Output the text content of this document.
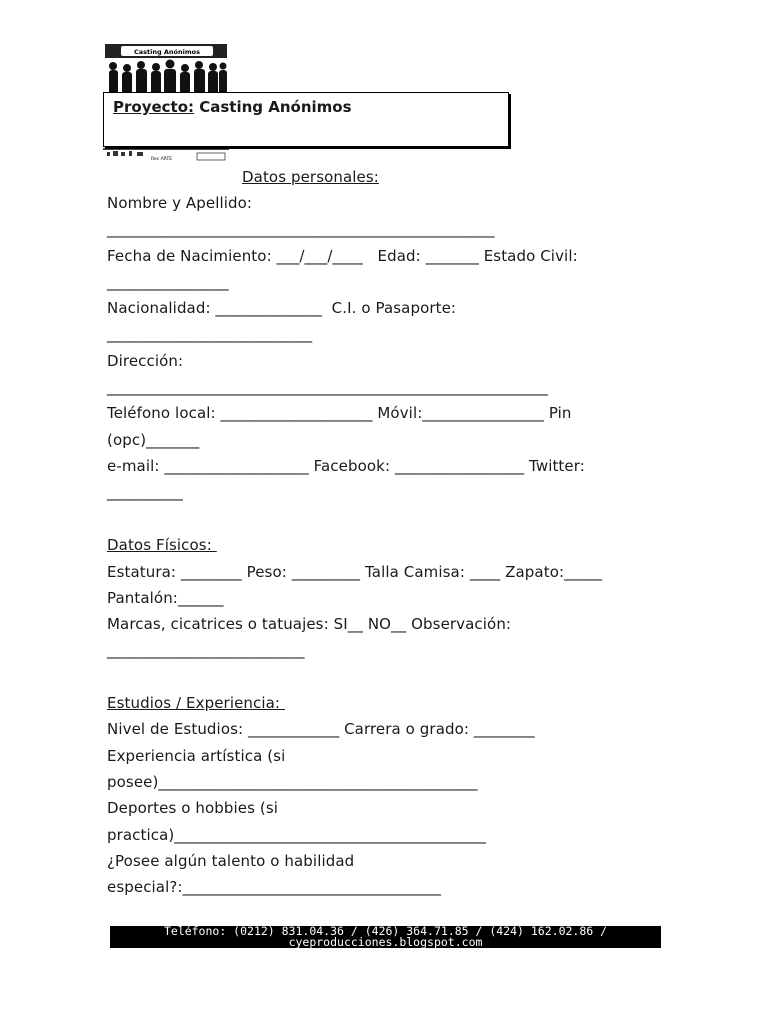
Casting Anónimos
Rec ARTE
Proyecto: Casting Anónimos
Datos personales:
Nombre y Apellido:
___________________________________________________
Fecha de Nacimiento: ___/___/____   Edad: _______ Estado Civil:
________________
Nacionalidad: ______________  C.I. o Pasaporte:
___________________________
Dirección:
__________________________________________________________
Teléfono local: ____________________ Móvil:________________ Pin
(opc)_______
e-mail: ___________________ Facebook: _________________ Twitter:
__________
Datos Físicos:
Estatura: ________ Peso: _________ Talla Camisa: ____ Zapato:_____
Pantalón:______
Marcas, cicatrices o tatuajes: SI__ NO__ Observación:
__________________________
Estudios / Experiencia:
Nivel de Estudios: ____________ Carrera o grado: ________
Experiencia artística (si
posee)__________________________________________
Deportes o hobbies (si
practica)_________________________________________
¿Posee algún talento o habilidad
especial?:__________________________________
Teléfono: (0212) 831.04.36 / (426) 364.71.85 / (424) 162.02.86 /
cyeproducciones.blogspot.com
